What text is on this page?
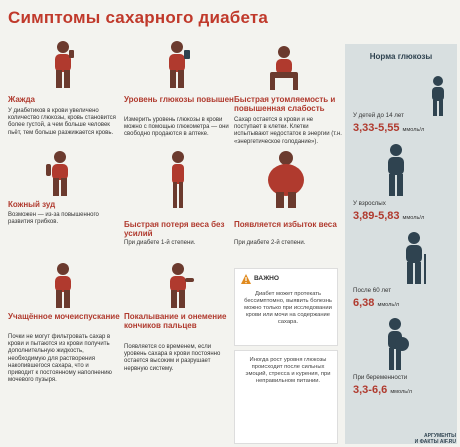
Симптомы сахарного диабета
Жажда

У диабетиков в крови увеличено количество глюкозы, кровь становится более густой, а чем больше человек пьёт, тем больше разжижается кровь.

Уровень глюкозы повышен

Измерить уровень глюкозы в крови можно с помощью глюкометра — они свободно продаются в аптеке.

Быстрая утомляемость и повышенная слабость

Сахар остается в крови и не поступает в клетки. Клетки испытывают недостаток в энергии (т.н. «энергетическое голодание»).

Кожный зуд

Возможен — из-за повышенного развития грибков.	Быстрая потеря веса без усилий

При диабете 1-й степени.

Появляется избыток веса

При диабете 2-й степени.

Учащённое мочеиспускание

Почки не могут фильтровать сахар в крови и пытаются из крови получить дополнительную жидкость, необходимую для растворения накопившегося сахара, что и приводит к постоянному наполнению мочевого пузыря.

Покалывание и онемение кончиков пальцев

Появляется со временем, если уровень сахара в крови постоянно остается высоким и разрушает нервную систему.

ВАЖНО

Диабет может протекать бессимптомно, выявить болезнь можно только при исследовании крови или мочи на содержание сахара.

Иногда рост уровня глюкозы происходит после сильных эмоций, стресса и курения, при неправильном питании.

Норма глюкозы
У детей до 14 лет
3,33-5,55 ммоль/л
У взрослых
3,89-5,83 ммоль/л
После 60 лет
6,38 ммоль/л
При беременности
3,3-6,6 ммоль/л
АРГУМЕНТЫ
И ФАКТЫ AIF.RU
